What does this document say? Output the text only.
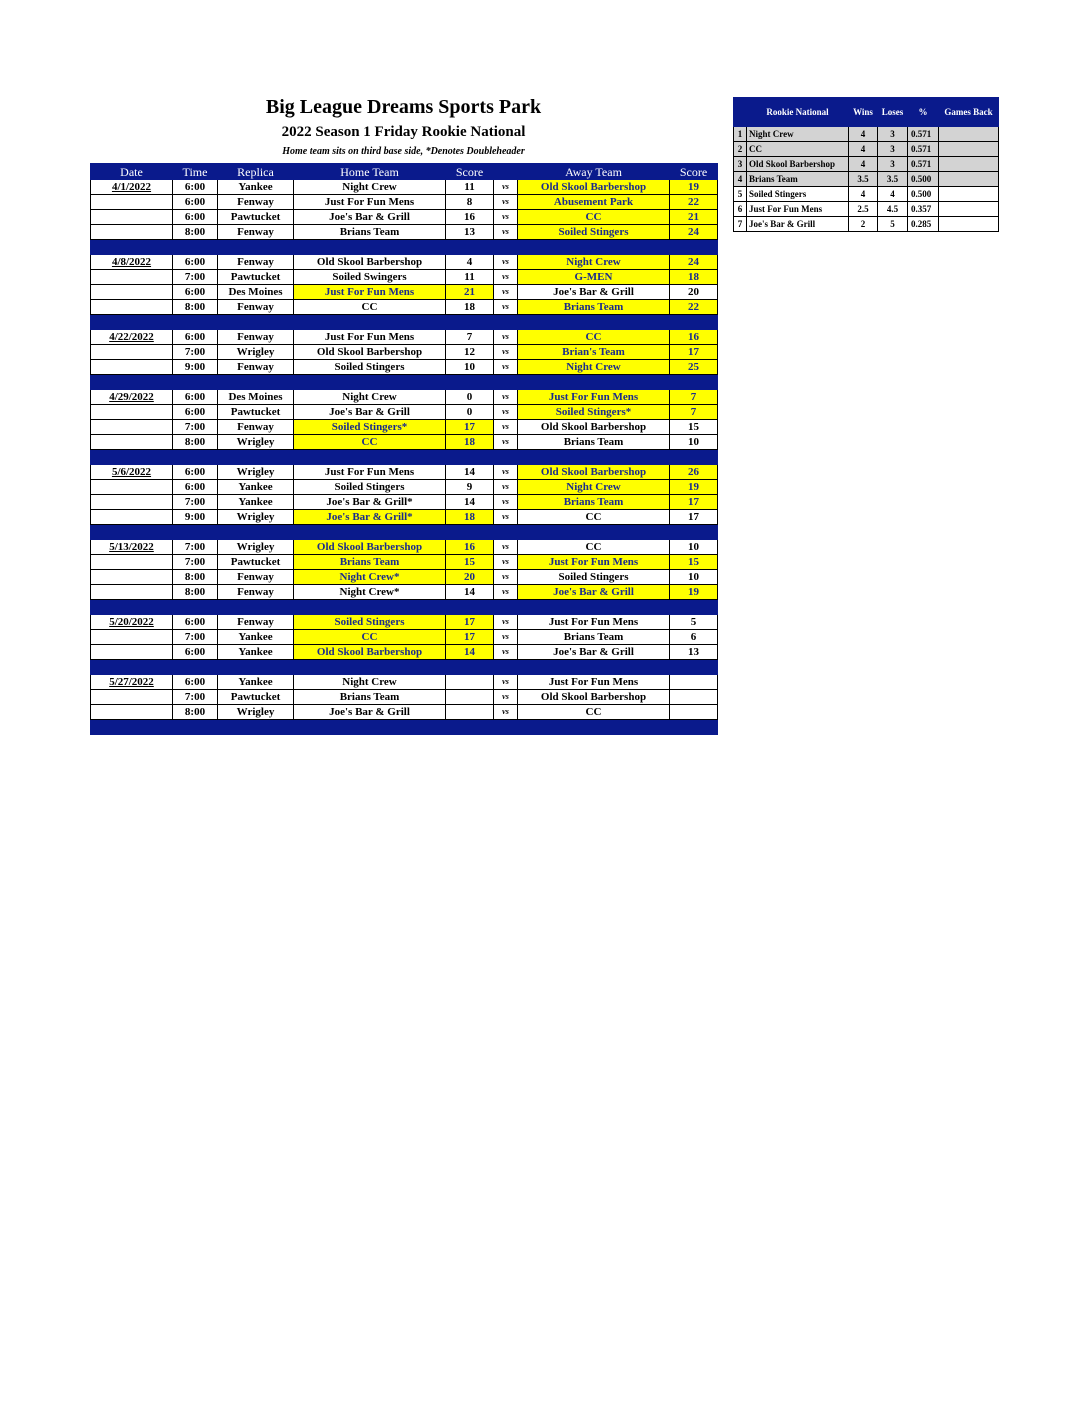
Big League Dreams Sports Park
2022 Season 1 Friday Rookie National
Home team sits on third base side, *Denotes Doubleheader
Date	Time	Replica	Home Team	Score		Away Team	Score
4/1/2022	6:00	Yankee	Night Crew	11	vs	Old Skool Barbershop	19
	6:00	Fenway	Just For Fun Mens	8	vs	Abusement Park	22
	6:00	Pawtucket	Joe's Bar & Grill	16	vs	CC	21
	8:00	Fenway	Brians Team	13	vs	Soiled Stingers	24

4/8/2022	6:00	Fenway	Old Skool Barbershop	4	vs	Night Crew	24
	7:00	Pawtucket	Soiled Swingers	11	vs	G-MEN	18
	6:00	Des Moines	Just For Fun Mens	21	vs	Joe's Bar & Grill	20
	8:00	Fenway	CC	18	vs	Brians Team	22

4/22/2022	6:00	Fenway	Just For Fun Mens	7	vs	CC	16
	7:00	Wrigley	Old Skool Barbershop	12	vs	Brian's Team	17
	9:00	Fenway	Soiled Stingers	10	vs	Night Crew	25

4/29/2022	6:00	Des Moines	Night Crew	0	vs	Just For Fun Mens	7
	6:00	Pawtucket	Joe's Bar & Grill	0	vs	Soiled Stingers*	7
	7:00	Fenway	Soiled Stingers*	17	vs	Old Skool Barbershop	15
	8:00	Wrigley	CC	18	vs	Brians Team	10

5/6/2022	6:00	Wrigley	Just For Fun Mens	14	vs	Old Skool Barbershop	26
	6:00	Yankee	Soiled Stingers	9	vs	Night Crew	19
	7:00	Yankee	Joe's Bar & Grill*	14	vs	Brians Team	17
	9:00	Wrigley	Joe's Bar & Grill*	18	vs	CC	17

5/13/2022	7:00	Wrigley	Old Skool Barbershop	16	vs	CC	10
	7:00	Pawtucket	Brians Team	15	vs	Just For Fun Mens	15
	8:00	Fenway	Night Crew*	20	vs	Soiled Stingers	10
	8:00	Fenway	Night Crew*	14	vs	Joe's Bar & Grill	19

5/20/2022	6:00	Fenway	Soiled Stingers	17	vs	Just For Fun Mens	5
	7:00	Yankee	CC	17	vs	Brians Team	6
	6:00	Yankee	Old Skool Barbershop	14	vs	Joe's Bar & Grill	13

5/27/2022	6:00	Yankee	Night Crew		vs	Just For Fun Mens	
	7:00	Pawtucket	Brians Team		vs	Old Skool Barbershop	
	8:00	Wrigley	Joe's Bar & Grill		vs	CC	

	Rookie National	Wins	Loses	%	Games Back
1	Night Crew	4	3	0.571	
2	CC	4	3	0.571	
3	Old Skool Barbershop	4	3	0.571	
4	Brians Team	3.5	3.5	0.500	
5	Soiled Stingers	4	4	0.500	
6	Just For Fun Mens	2.5	4.5	0.357	
7	Joe's Bar & Grill	2	5	0.285	
